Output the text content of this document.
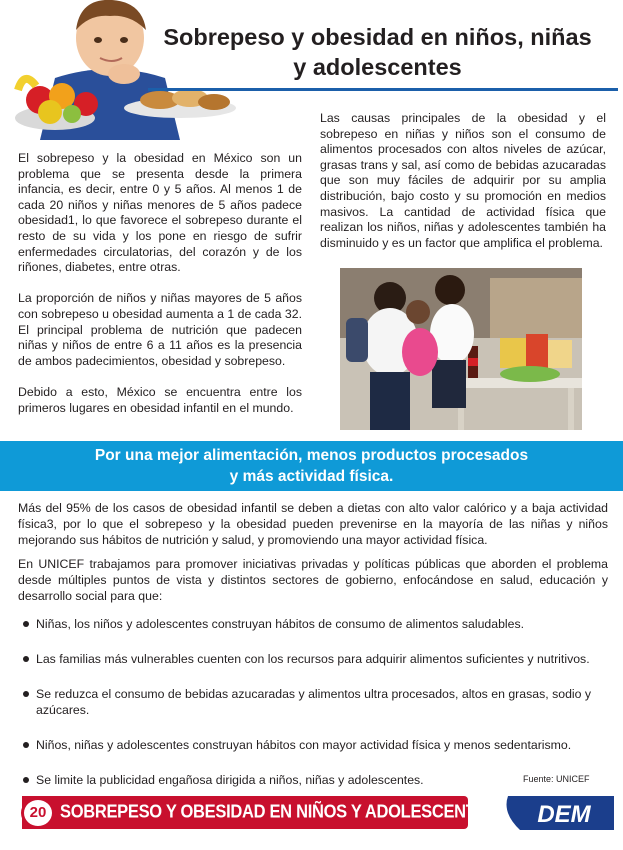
Sobrepeso y obesidad en niños, niñas
y adolescentes

El sobrepeso y la obesidad en México son un problema que se presenta desde la primera infancia, es decir, entre 0 y 5 años. Al menos 1 de cada 20 niños y niñas menores de 5 años padece obesidad1, lo que favorece el sobrepeso durante el resto de su vida y los pone en riesgo de sufrir enfermedades circulatorias, del corazón y de los riñones, diabetes, entre otras.

La proporción de niños y niñas mayores de 5 años con sobrepeso u obesidad aumenta a 1 de cada 32. El principal problema de nutrición que padecen niñas y niños de entre 6 a 11 años es la presencia de ambos padecimientos, obesidad y sobrepeso.

Debido a esto, México se encuentra entre los primeros lugares en obesidad infantil en el mundo.

Las causas principales de la obesidad y el sobrepeso en niñas y niños son el consumo de alimentos procesados con altos niveles de azúcar, grasas trans y sal, así como de bebidas azucaradas que son muy fáciles de adquirir por su amplia distribución, bajo costo y su promoción en medios masivos. La cantidad de actividad física que realizan los niños, niñas y adolescentes también ha disminuido y es un factor que amplifica el problema.

Por una mejor alimentación, menos productos procesados
y más actividad física.

Más del 95% de los casos de obesidad infantil se deben a dietas con alto valor calórico y a baja actividad física3, por lo que el sobrepeso y la obesidad pueden prevenirse en la mayoría de las niñas y niños mejorando sus hábitos de nutrición y salud, y promoviendo una mayor actividad física.

En UNICEF trabajamos para promover iniciativas privadas y políticas públicas que aborden el problema desde múltiples puntos de vista y distintos sectores de gobierno, enfocándose en salud, educación y desarrollo social para que:

Niñas, los niños y adolescentes construyan hábitos de consumo de alimentos saludables.
Las familias más vulnerables cuenten con los recursos para adquirir alimentos suficientes y nutritivos.
Se reduzca el consumo de bebidas azucaradas y alimentos ultra procesados, altos en grasas, sodio y azúcares.
Niños, niñas y adolescentes construyan hábitos con mayor actividad física y menos sedentarismo.
Se limite la publicidad engañosa dirigida a niños, niñas y adolescentes.	Fuente: UNICEF
20 SOBREPESO Y OBESIDAD EN NIÑOS Y ADOLESCENTES DEM
